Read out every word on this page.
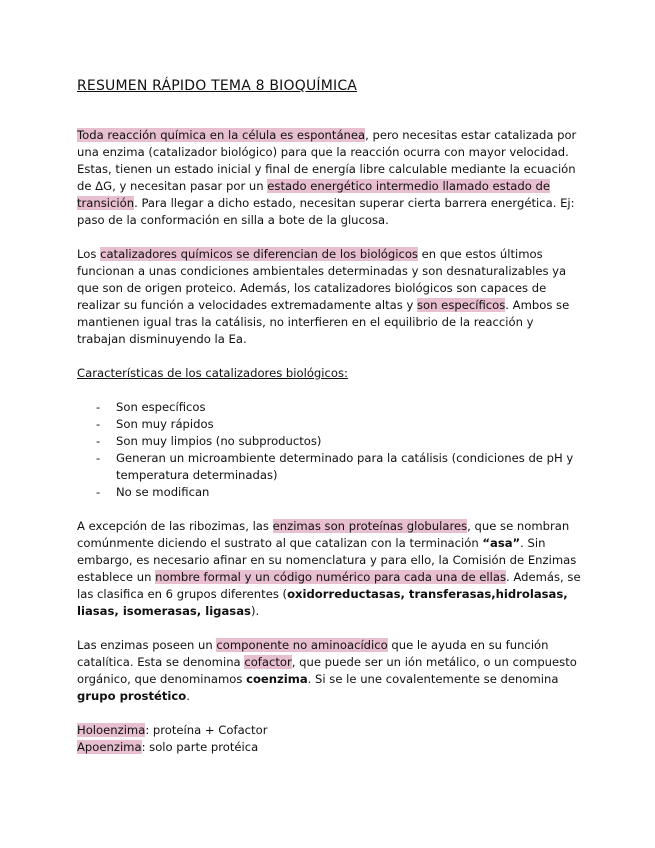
RESUMEN RÁPIDO TEMA 8 BIOQUÍMICA

Toda reacción química en la célula es espontánea, pero necesitas estar catalizada por una enzima (catalizador biológico) para que la reacción ocurra con mayor velocidad. Estas, tienen un estado inicial y final de energía libre calculable mediante la ecuación de ΔG, y necesitan pasar por un estado energético intermedio llamado estado de transición. Para llegar a dicho estado, necesitan superar cierta barrera energética. Ej: paso de la conformación en silla a bote de la glucosa.

Los catalizadores químicos se diferencian de los biológicos en que estos últimos funcionan a unas condiciones ambientales determinadas y son desnaturalizables ya que son de origen proteico. Además, los catalizadores biológicos son capaces de realizar su función a velocidades extremadamente altas y son específicos. Ambos se mantienen igual tras la catálisis, no interfieren en el equilibrio de la reacción y trabajan disminuyendo la Ea.

Características de los catalizadores biológicos:

- Son específicos
- Son muy rápidos
- Son muy limpios (no subproductos)
- Generan un microambiente determinado para la catálisis (condiciones de pH y temperatura determinadas)
- No se modifican

A excepción de las ribozimas, las enzimas son proteínas globulares, que se nombran comúnmente diciendo el sustrato al que catalizan con la terminación “asa”. Sin embargo, es necesario afinar en su nomenclatura y para ello, la Comisión de Enzimas establece un nombre formal y un código numérico para cada una de ellas. Además, se las clasifica en 6 grupos diferentes (oxidorreductasas, transferasas,hidrolasas, liasas, isomerasas, ligasas).

Las enzimas poseen un componente no aminoacídico que le ayuda en su función catalítica. Esta se denomina cofactor, que puede ser un ión metálico, o un compuesto orgánico, que denominamos coenzima. Si se le une covalentemente se denomina grupo prostético.

Holoenzima: proteína + Cofactor

Apoenzima: solo parte protéica
